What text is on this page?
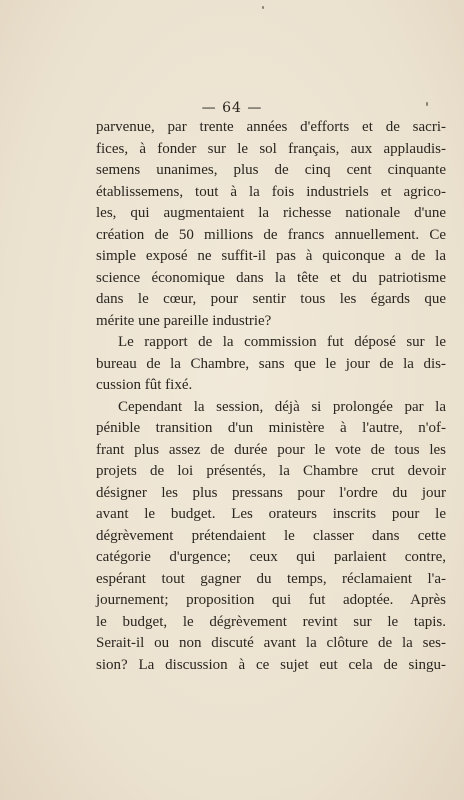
— 64 —
parvenue, par trente années d'efforts et de sacri-
fices, à fonder sur le sol français, aux applaudis-
semens unanimes, plus de cinq cent cinquante
établissemens, tout à la fois industriels et agrico-
les, qui augmentaient la richesse nationale d'une
création de 50 millions de francs annuellement. Ce
simple exposé ne suffit-il pas à quiconque a de la
science économique dans la tête et du patriotisme
dans le cœur, pour sentir tous les égards que
mérite une pareille industrie?
Le rapport de la commission fut déposé sur le
bureau de la Chambre, sans que le jour de la dis-
cussion fût fixé.
Cependant la session, déjà si prolongée par la
pénible transition d'un ministère à l'autre, n'of-
frant plus assez de durée pour le vote de tous les
projets de loi présentés, la Chambre crut devoir
désigner les plus pressans pour l'ordre du jour
avant le budget. Les orateurs inscrits pour le
dégrèvement prétendaient le classer dans cette
catégorie d'urgence; ceux qui parlaient contre,
espérant tout gagner du temps, réclamaient l'a-
journement; proposition qui fut adoptée. Après
le budget, le dégrèvement revint sur le tapis.
Serait-il ou non discuté avant la clôture de la ses-
sion? La discussion à ce sujet eut cela de singu-
